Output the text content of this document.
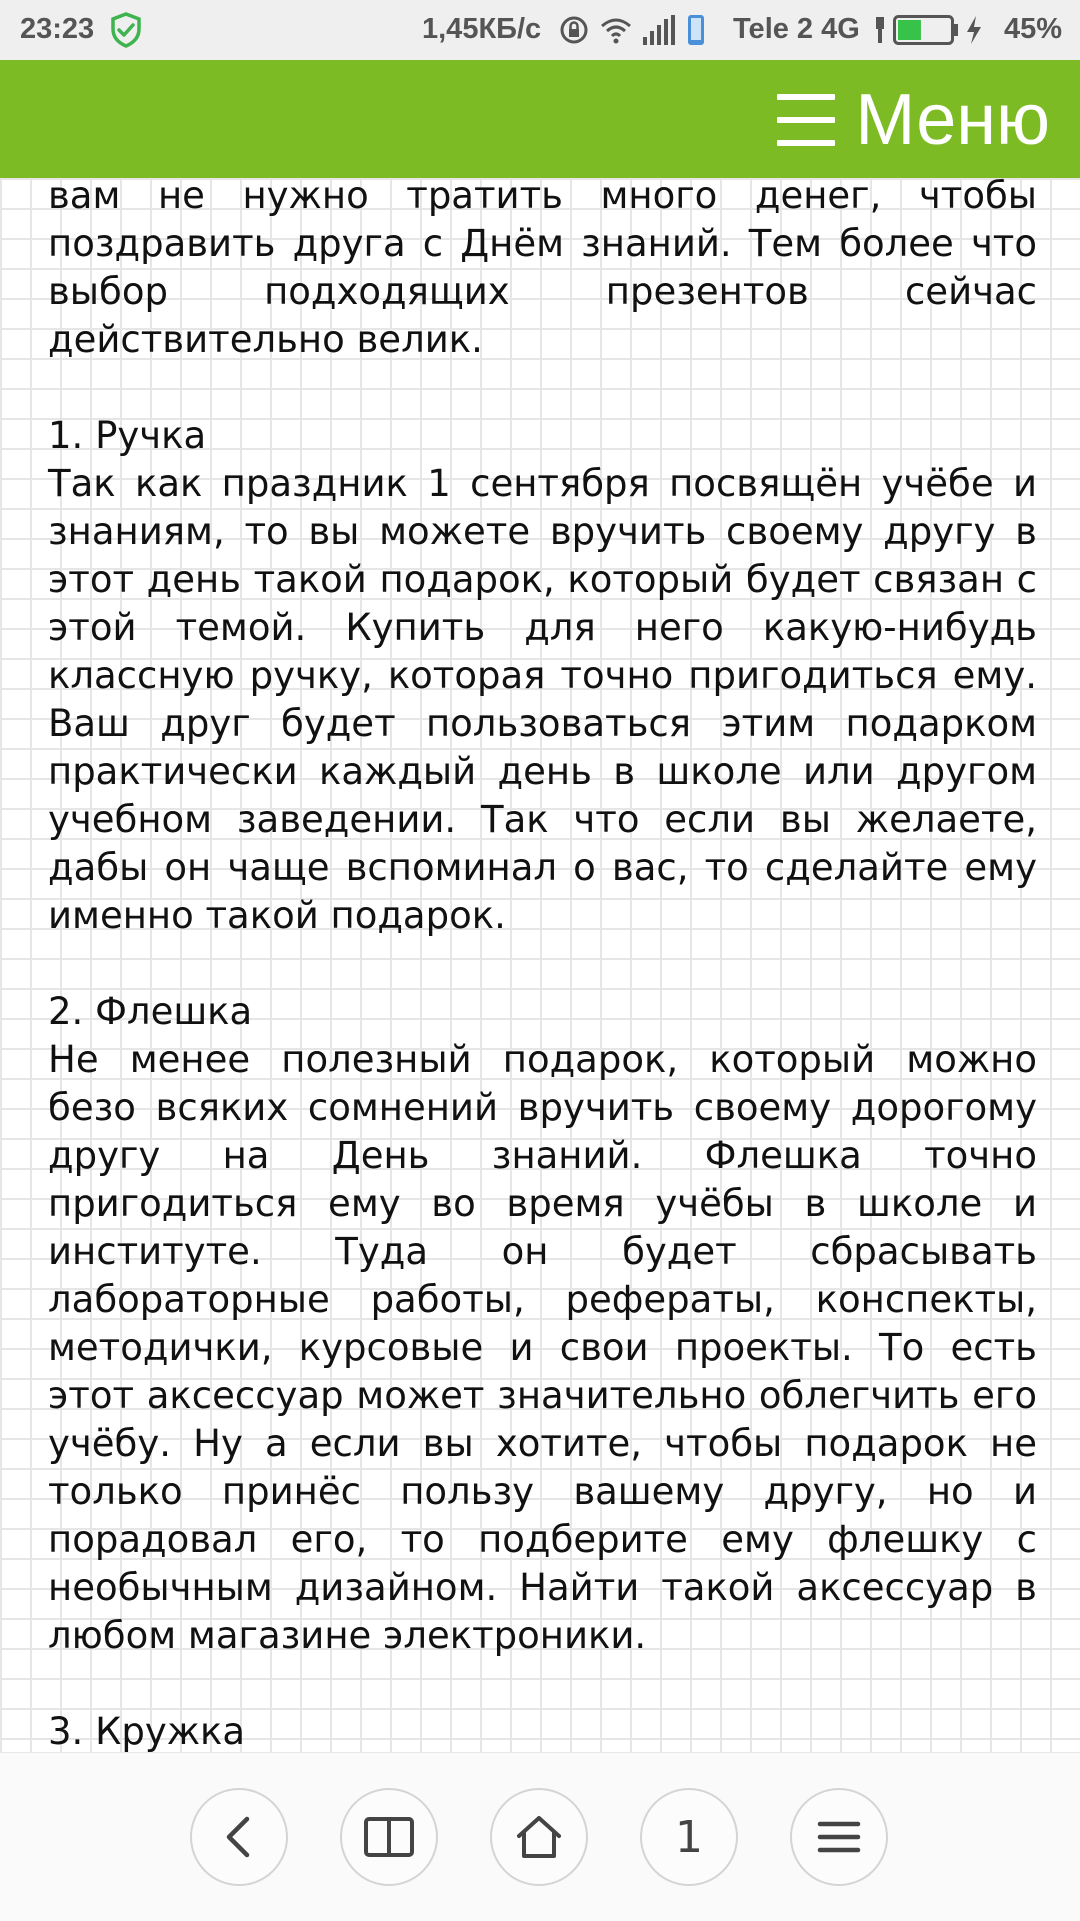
23:23	1,45КБ/с	Tele 2 4G	45%
Меню

вам не нужно тратить много денег, чтобы поздравить друга с Днём знаний. Тем более что выбор подходящих презентов сейчас действительно велик.

1. Ручка

Так как праздник 1 сентября посвящён учёбе и знаниям, то вы можете вручить своему другу в этот день такой подарок, который будет связан с этой темой. Купить для него какую-нибудь классную ручку, которая точно пригодиться ему. Ваш друг будет пользоваться этим подарком практически каждый день в школе или другом учебном заведении. Так что если вы желаете, дабы он чаще вспоминал о вас, то сделайте ему именно такой подарок.

2. Флешка

Не менее полезный подарок, который можно безо всяких сомнений вручить своему дорогому другу на День знаний. Флешка точно пригодиться ему во время учёбы в школе и институте. Туда он будет сбрасывать лабораторные работы, рефераты, конспекты, методички, курсовые и свои проекты. То есть этот аксессуар может значительно облегчить его учёбу. Ну а если вы хотите, чтобы подарок не только принёс пользу вашему другу, но и порадовал его, то подберите ему флешку с необычным дизайном. Найти такой аксессуар в любом магазине электроники.

3. Кружка
1
